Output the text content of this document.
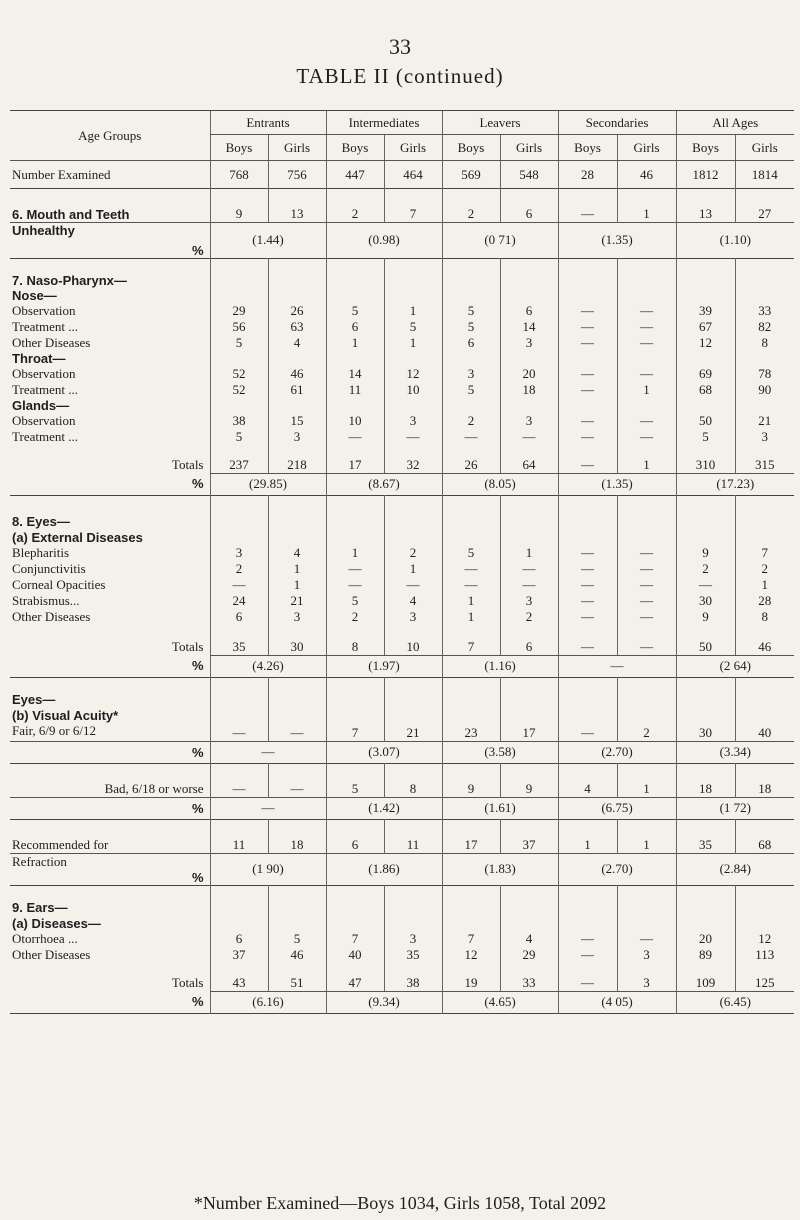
33
TABLE II (continued)
Age Groups	Entrants		Intermediates		Leavers		Secondaries		All Ages	
	Boys	Girls	Boys	Girls	Boys	Girls	Boys	Girls	Boys	Girls
Number Examined	768	756	447	464	569	548	28	46	1812	1814
6. Mouth and Teeth	9	13	2	7	2	6	—	1	13	27
Unhealthy	(1.44)		(0.98)		(0 71)		(1.35)		(1.10)	
%										
7. Naso-Pharynx—										
Nose—										
Observation	29	26	5	1	5	6	—	—	39	33
Treatment ...	56	63	6	5	5	14	—	—	67	82
Other Diseases	5	4	1	1	6	3	—	—	12	8
Throat—										
Observation	52	46	14	12	3	20	—	—	69	78
Treatment ...	52	61	11	10	5	18	—	1	68	90
Glands—										
Observation	38	15	10	3	2	3	—	—	50	21
Treatment ...	5	3	—	—	—	—	—	—	5	3
Totals	237	218	17	32	26	64	—	1	310	315
%	(29.85)		(8.67)		(8.05)		(1.35)		(17.23)	
8. Eyes—										
(a) External Diseases										
Blepharitis	3	4	1	2	5	1	—	—	9	7
Conjunctivitis	2	1	—	1	—	—	—	—	2	2
Corneal Opacities	—	1	—	—	—	—	—	—	—	1
Strabismus...	24	21	5	4	1	3	—	—	30	28
Other Diseases	6	3	2	3	1	2	—	—	9	8
Totals	35	30	8	10	7	6	—	—	50	46
%	(4.26)		(1.97)		(1.16)		—		(2 64)	
Eyes—										
(b) Visual Acuity*										
Fair, 6/9 or 6/12	—	—	7	21	23	17	—	2	30	40
%	—		(3.07)		(3.58)		(2.70)		(3.34)	
Bad, 6/18 or worse	—	—	5	8	9	9	4	1	18	18
%	—		(1.42)		(1.61)		(6.75)		(1 72)	
Recommended for	11	18	6	11	17	37	1	1	35	68
Refraction	(1 90)		(1.86)		(1.83)		(2.70)		(2.84)	
%										
9. Ears—										
(a) Diseases—										
Otorrhoea ...	6	5	7	3	7	4	—	—	20	12
Other Diseases	37	46	40	35	12	29	—	3	89	113
Totals	43	51	47	38	19	33	—	3	109	125
%	(6.16)		(9.34)		(4.65)		(4 05)		(6.45)	
*Number Examined—Boys 1034, Girls 1058, Total 2092
